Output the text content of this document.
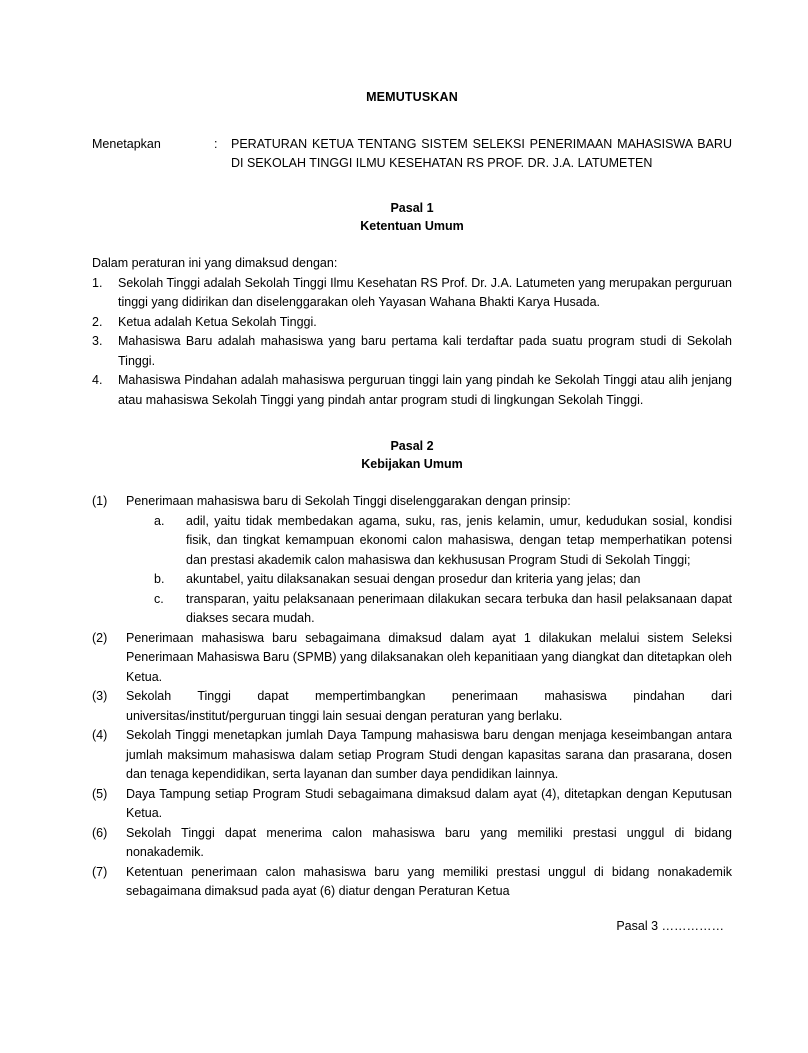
MEMUTUSKAN
Menetapkan	:	PERATURAN KETUA TENTANG SISTEM SELEKSI PENERIMAAN MAHASISWA BARU DI SEKOLAH TINGGI ILMU KESEHATAN RS PROF. DR. J.A. LATUMETEN
Pasal 1
Ketentuan Umum
Dalam peraturan ini yang dimaksud dengan:
1.	Sekolah Tinggi adalah Sekolah Tinggi Ilmu Kesehatan RS Prof. Dr. J.A. Latumeten yang merupakan perguruan tinggi yang didirikan dan diselenggarakan oleh Yayasan Wahana Bhakti Karya Husada.
2.	Ketua adalah Ketua Sekolah Tinggi.
3.	Mahasiswa Baru adalah mahasiswa yang baru pertama kali terdaftar pada suatu program studi di Sekolah Tinggi.
4.	Mahasiswa Pindahan adalah mahasiswa perguruan tinggi lain yang pindah ke Sekolah Tinggi atau alih jenjang atau mahasiswa Sekolah Tinggi yang pindah antar program studi di lingkungan Sekolah Tinggi.
Pasal 2
Kebijakan Umum
(1)	Penerimaan mahasiswa baru di Sekolah Tinggi diselenggarakan dengan prinsip:
a.	adil, yaitu tidak membedakan agama, suku, ras, jenis kelamin, umur, kedudukan sosial, kondisi fisik, dan tingkat kemampuan ekonomi calon mahasiswa, dengan tetap memperhatikan potensi dan prestasi akademik calon mahasiswa dan kekhususan Program Studi di Sekolah Tinggi;
b.	akuntabel, yaitu dilaksanakan sesuai dengan prosedur dan kriteria yang jelas; dan
c.	transparan, yaitu pelaksanaan penerimaan dilakukan secara terbuka dan hasil pelaksanaan dapat diakses secara mudah.
(2)	Penerimaan mahasiswa baru sebagaimana dimaksud dalam ayat 1 dilakukan melalui sistem Seleksi Penerimaan Mahasiswa Baru (SPMB) yang dilaksanakan oleh kepanitiaan yang diangkat dan ditetapkan oleh Ketua.
(3)	Sekolah Tinggi dapat mempertimbangkan penerimaan mahasiswa pindahan dari universitas/institut/perguruan tinggi lain sesuai dengan peraturan yang berlaku.
(4)	Sekolah Tinggi menetapkan jumlah Daya Tampung mahasiswa baru dengan menjaga keseimbangan antara jumlah maksimum mahasiswa dalam setiap Program Studi dengan kapasitas sarana dan prasarana, dosen dan tenaga kependidikan, serta layanan dan sumber daya pendidikan lainnya.
(5)	Daya Tampung setiap Program Studi sebagaimana dimaksud dalam ayat (4), ditetapkan dengan Keputusan Ketua.
(6)	Sekolah Tinggi dapat menerima calon mahasiswa baru yang memiliki prestasi unggul di bidang nonakademik.
(7)	Ketentuan penerimaan calon mahasiswa baru yang memiliki prestasi unggul di bidang nonakademik sebagaimana dimaksud pada ayat (6) diatur dengan Peraturan Ketua
Pasal 3 ……………
